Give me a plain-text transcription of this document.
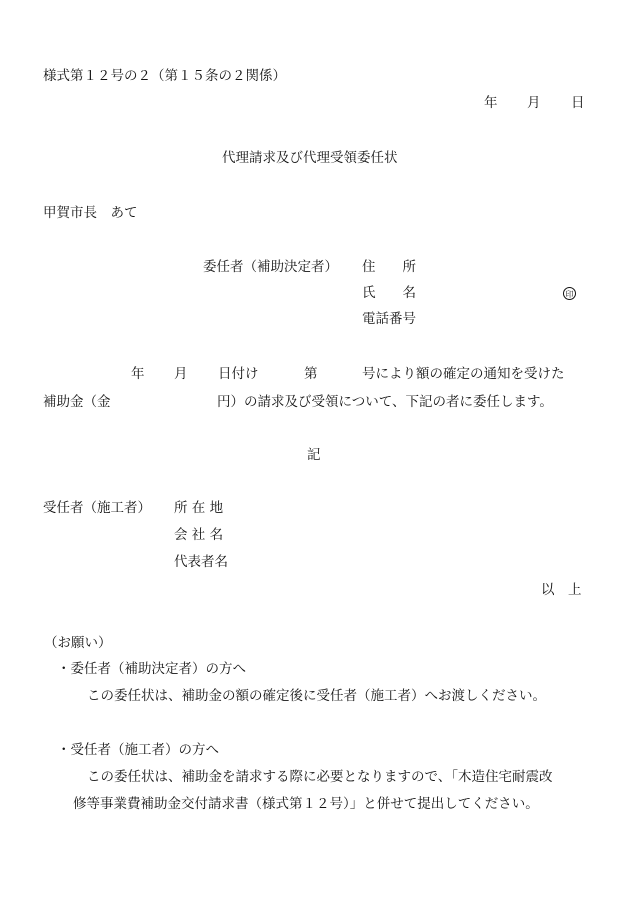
様式第１２号の２（第１５条の２関係）
年 月 日
代理請求及び代理受領委任状
甲賀市長　あて
委任者（補助決定者） 住　　所
氏　　名	印
電話番号
年 月 日付け	第	号により額の確定の通知を受けた
補助金（金	円）の請求及び受領について、下記の者に委任します。
記
受任者（施工者） 所 在 地
会 社 名
代表者名
以　上
（お願い）
・委任者（補助決定者）の方へ
この委任状は、補助金の額の確定後に受任者（施工者）へお渡しください。
・受任者（施工者）の方へ
この委任状は、補助金を請求する際に必要となりますので、「木造住宅耐震改
修等事業費補助金交付請求書（様式第１２号）」と併せて提出してください。
